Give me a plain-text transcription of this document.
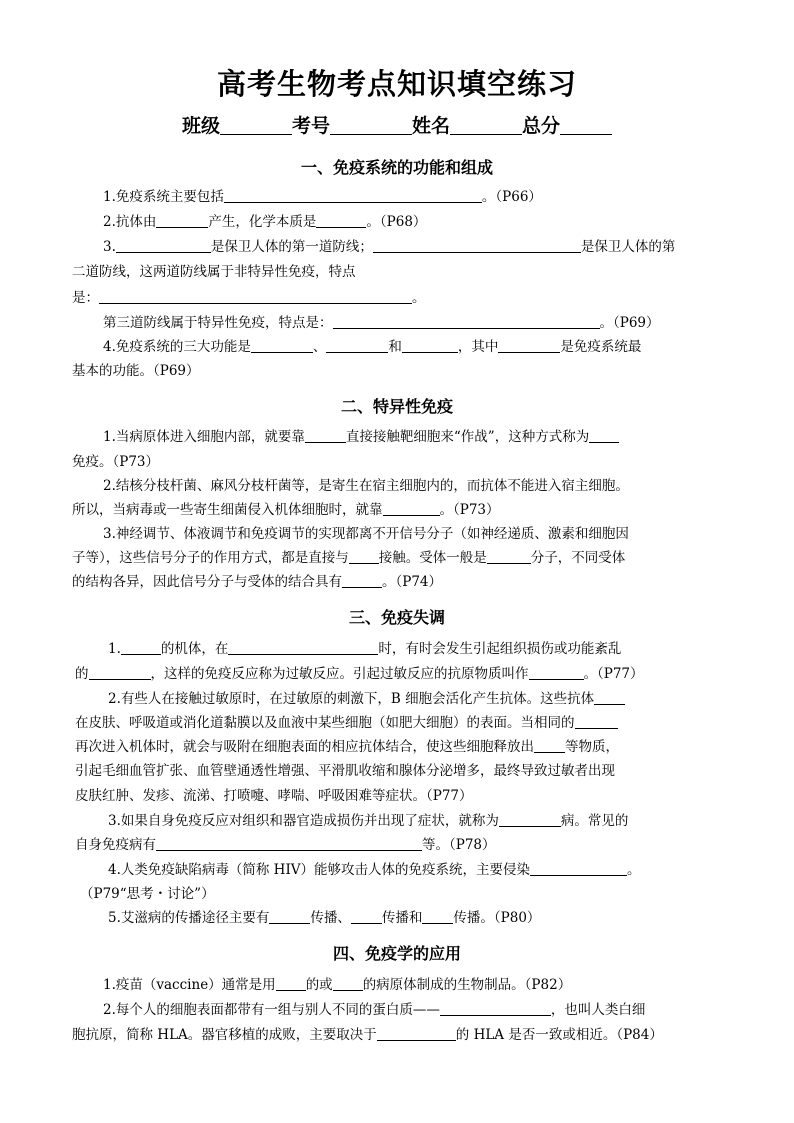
高考生物考点知识填空练习
班级	考号	姓名	总分
一、免疫系统的功能和组成
1.免疫系统主要包括	。（P66）
2.抗体由	产生，化学本质是	。（P68）
3.	是保卫人体的第一道防线；	是保卫人体的第
二道防线，这两道防线属于非特异性免疫，特点
是：	。
第三道防线属于特异性免疫，特点是：	。（P69）
4.免疫系统的三大功能是	、	和	，其中	是免疫系统最
基本的功能。（P69）
二、特异性免疫
1.当病原体进入细胞内部，就要靠	直接接触靶细胞来“作战”，这种方式称为
免疫。（P73）
2.结核分枝杆菌、麻风分枝杆菌等，是寄生在宿主细胞内的，而抗体不能进入宿主细胞。
所以，当病毒或一些寄生细菌侵入机体细胞时，就靠	。（P73）
3.神经调节、体液调节和免疫调节的实现都离不开信号分子（如神经递质、激素和细胞因
子等），这些信号分子的作用方式，都是直接与 接触。受体一般是	分子，不同受体
的结构各异，因此信号分子与受体的结合具有	。（P74）
三、免疫失调
1.	的机体，在	时，有时会发生引起组织损伤或功能紊乱
的	，这样的免疫反应称为过敏反应。引起过敏反应的抗原物质叫作	。（P77）
2.有些人在接触过敏原时，在过敏原的刺激下，B 细胞会活化产生抗体。这些抗体
在皮肤、呼吸道或消化道黏膜以及血液中某些细胞（如肥大细胞）的表面。当相同的
再次进入机体时，就会与吸附在细胞表面的相应抗体结合，使这些细胞释放出 等物质，
引起毛细血管扩张、血管壁通透性增强、平滑肌收缩和腺体分泌增多，最终导致过敏者出现
皮肤红肿、发疹、流涕、打喷嚏、哮喘、呼吸困难等症状。（P77）
3.如果自身免疫反应对组织和器官造成损伤并出现了症状，就称为	病。常见的
自身免疫病有	等。（P78）
4.人类免疫缺陷病毒（简称 HIV）能够攻击人体的免疫系统，主要侵染	。
（P79“思考・讨论”）
5.艾滋病的传播途径主要有	传播、 传播和 传播。（P80）
四、免疫学的应用
1.疫苗（vaccine）通常是用 的或 的病原体制成的生物制品。（P82）
2.每个人的细胞表面都带有一组与别人不同的蛋白质——	，也叫人类白细
胞抗原，简称 HLA。器官移植的成败，主要取决于	的 HLA 是否一致或相近。（P84）
